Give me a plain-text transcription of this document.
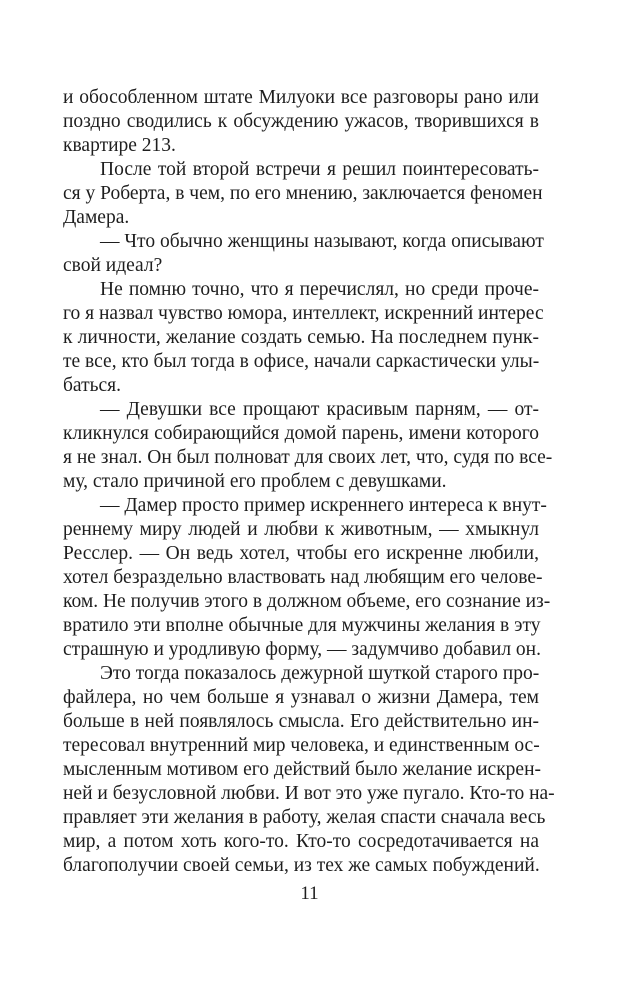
и обособленном штате Милуоки все разговоры рано или
поздно сводились к обсуждению ужасов, творившихся в
квартире 213.
После той второй встречи я решил поинтересовать-
ся у Роберта, в чем, по его мнению, заключается феномен
Дамера.
— Что обычно женщины называют, когда описывают
свой идеал?
Не помню точно, что я перечислял, но среди проче-
го я назвал чувство юмора, интеллект, искренний интерес
к личности, желание создать семью. На последнем пунк-
те все, кто был тогда в офисе, начали саркастически улы-
баться.
— Девушки все прощают красивым парням, — от-
кликнулся собирающийся домой парень, имени которого
я не знал. Он был полноват для своих лет, что, судя по все-
му, стало причиной его проблем с девушками.
— Дамер просто пример искреннего интереса к внут-
реннему миру людей и любви к животным, — хмыкнул
Ресслер. — Он ведь хотел, чтобы его искренне любили,
хотел безраздельно властвовать над любящим его челове-
ком. Не получив этого в должном объеме, его сознание из-
вратило эти вполне обычные для мужчины желания в эту
страшную и уродливую форму, — задумчиво добавил он.
Это тогда показалось дежурной шуткой старого про-
файлера, но чем больше я узнавал о жизни Дамера, тем
больше в ней появлялось смысла. Его действительно ин-
тересовал внутренний мир человека, и единственным ос-
мысленным мотивом его действий было желание искрен-
ней и безусловной любви. И вот это уже пугало. Кто-то на-
правляет эти желания в работу, желая спасти сначала весь
мир, а потом хоть кого-то. Кто-то сосредотачивается на
благополучии своей семьи, из тех же самых побуждений.
11
